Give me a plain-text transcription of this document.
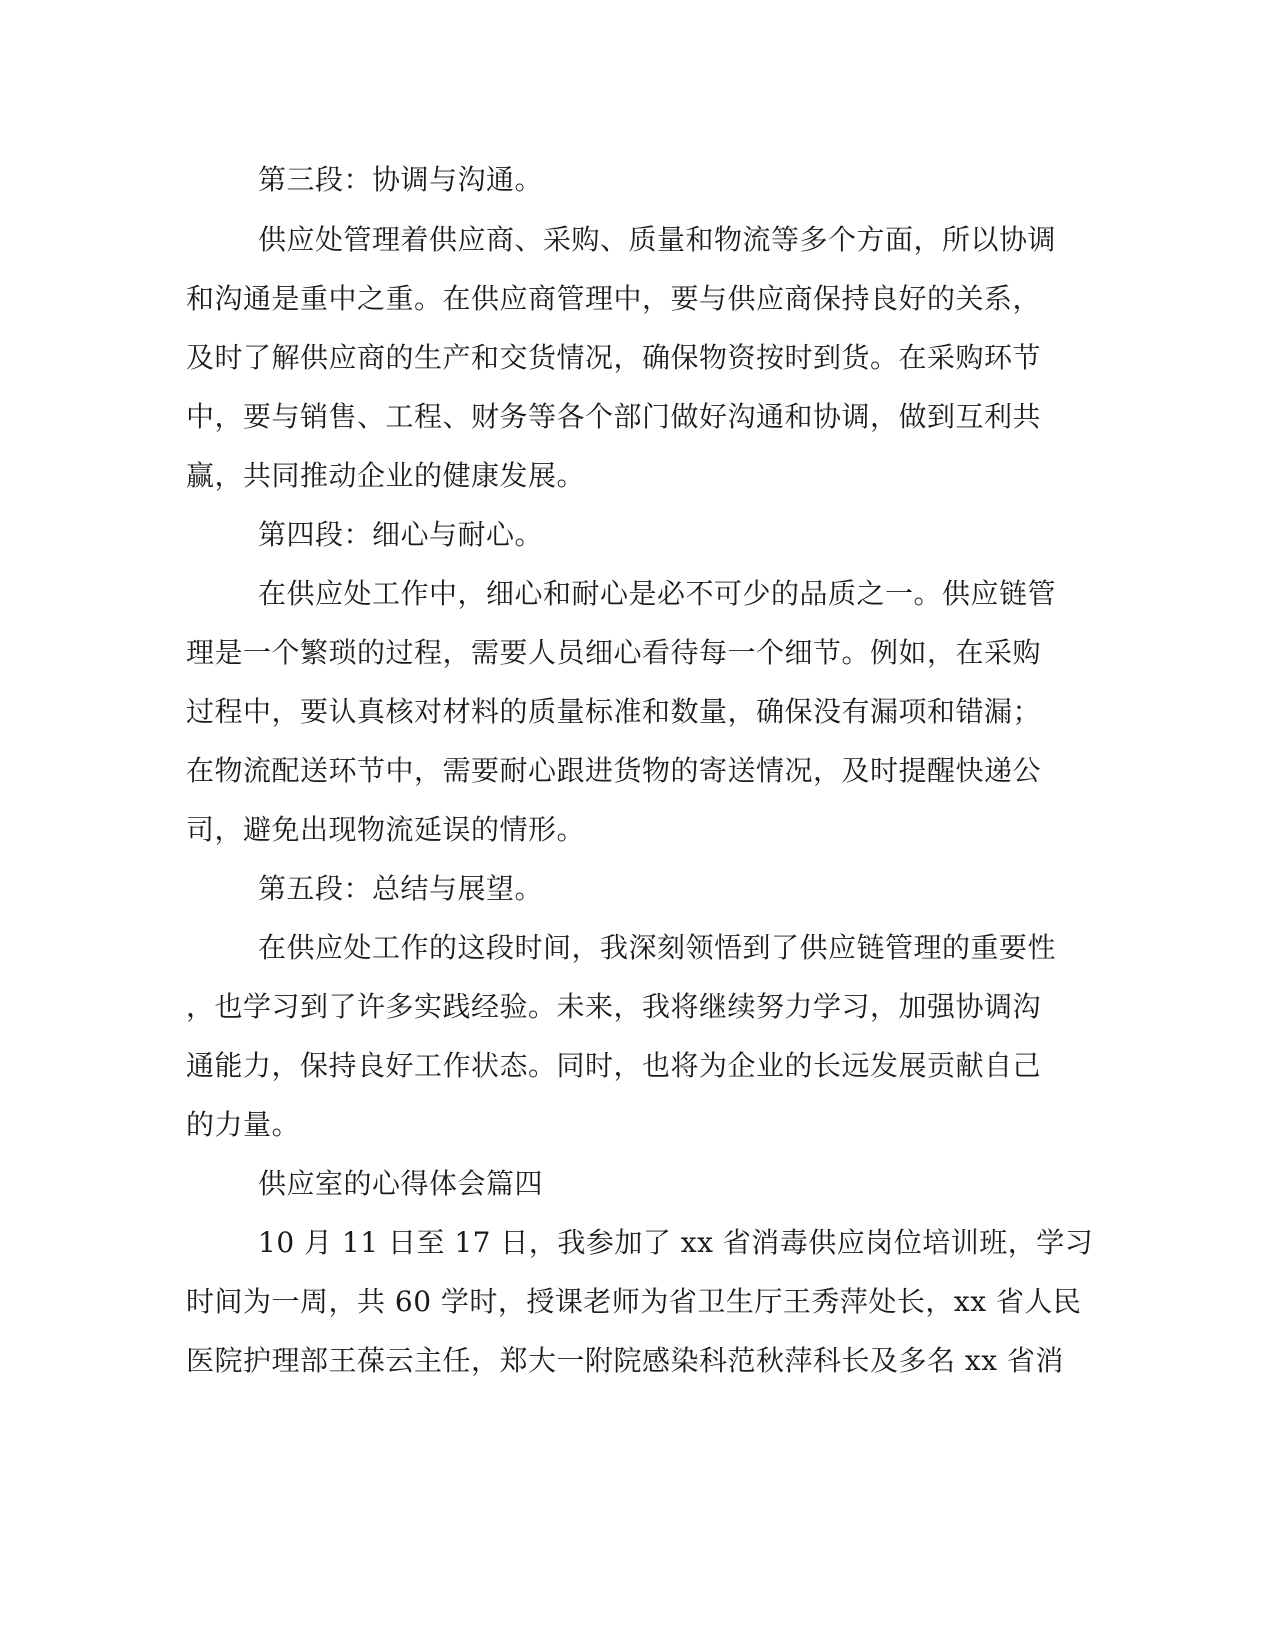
第三段：协调与沟通。
供应处管理着供应商、采购、质量和物流等多个方面，所以协调
和沟通是重中之重。在供应商管理中，要与供应商保持良好的关系，
及时了解供应商的生产和交货情况，确保物资按时到货。在采购环节
中，要与销售、工程、财务等各个部门做好沟通和协调，做到互利共
赢，共同推动企业的健康发展。
第四段：细心与耐心。
在供应处工作中，细心和耐心是必不可少的品质之一。供应链管
理是一个繁琐的过程，需要人员细心看待每一个细节。例如，在采购
过程中，要认真核对材料的质量标准和数量，确保没有漏项和错漏；
在物流配送环节中，需要耐心跟进货物的寄送情况，及时提醒快递公
司，避免出现物流延误的情形。
第五段：总结与展望。
在供应处工作的这段时间，我深刻领悟到了供应链管理的重要性
，也学习到了许多实践经验。未来，我将继续努力学习，加强协调沟
通能力，保持良好工作状态。同时，也将为企业的长远发展贡献自己
的力量。
供应室的心得体会篇四
10 月 11 日至 17 日，我参加了 xx 省消毒供应岗位培训班，学习
时间为一周，共 60 学时，授课老师为省卫生厅王秀萍处长，xx 省人民
医院护理部王葆云主任，郑大一附院感染科范秋萍科长及多名 xx 省消
